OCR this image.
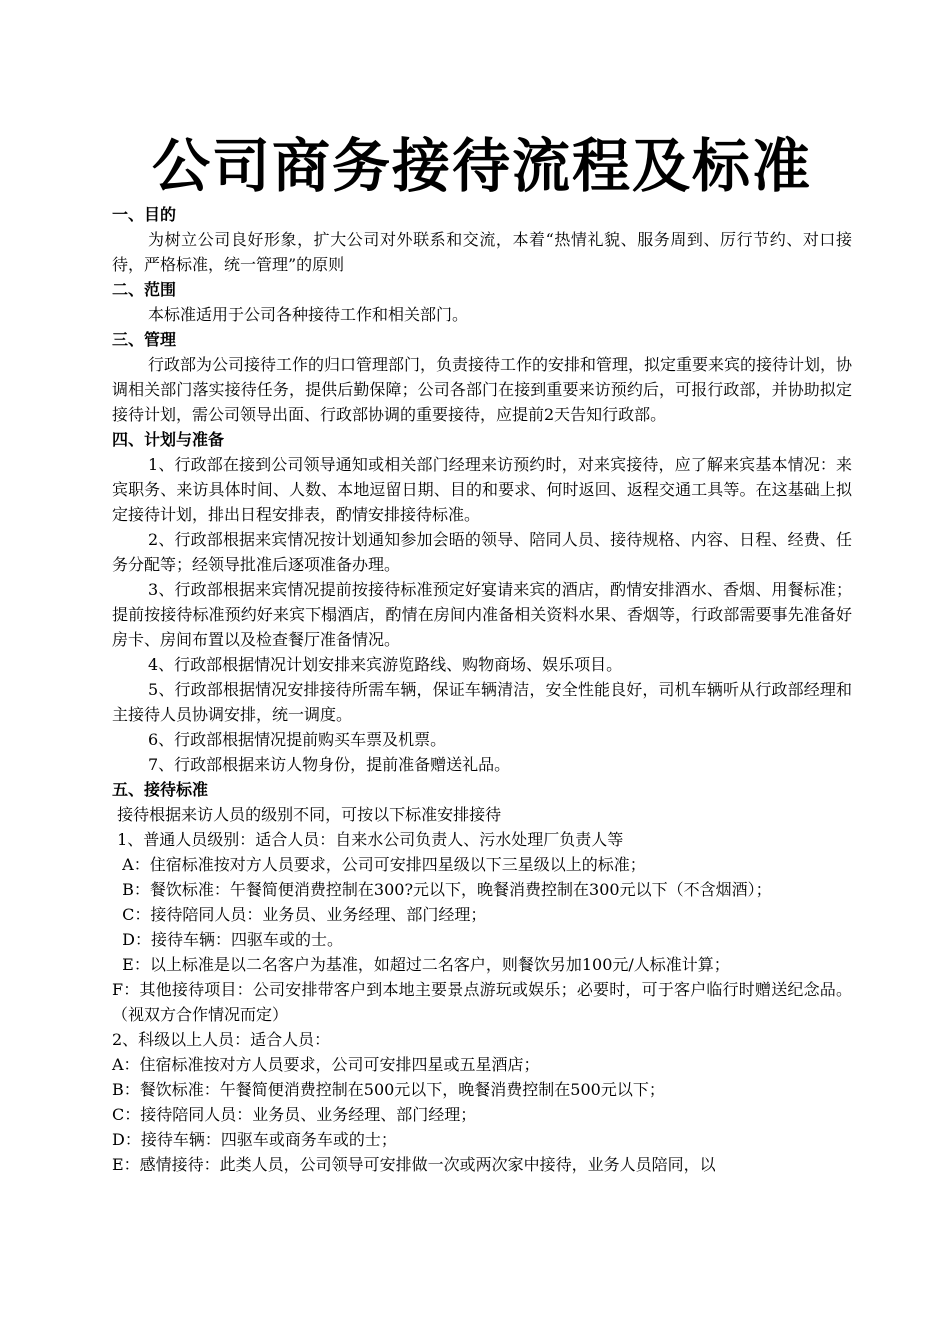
公司商务接待流程及标准

一、目的

为树立公司良好形象，扩大公司对外联系和交流，本着“热情礼貌、服务周到、厉行节约、对口接待，严格标准，统一管理”的原则

二、范围

本标准适用于公司各种接待工作和相关部门。

三、管理

行政部为公司接待工作的归口管理部门，负责接待工作的安排和管理，拟定重要来宾的接待计划，协调相关部门落实接待任务，提供后勤保障；公司各部门在接到重要来访预约后，可报行政部，并协助拟定接待计划，需公司领导出面、行政部协调的重要接待，应提前2天告知行政部。

四、计划与准备

1、行政部在接到公司领导通知或相关部门经理来访预约时，对来宾接待，应了解来宾基本情况：来宾职务、来访具体时间、人数、本地逗留日期、目的和要求、何时返回、返程交通工具等。在这基础上拟定接待计划，排出日程安排表，酌情安排接待标准。

2、行政部根据来宾情况按计划通知参加会晤的领导、陪同人员、接待规格、内容、日程、经费、任务分配等；经领导批准后逐项准备办理。

3、行政部根据来宾情况提前按接待标准预定好宴请来宾的酒店，酌情安排酒水、香烟、用餐标准；提前按接待标准预约好来宾下榻酒店，酌情在房间内准备相关资料水果、香烟等，行政部需要事先准备好房卡、房间布置以及检查餐厅准备情况。

4、行政部根据情况计划安排来宾游览路线、购物商场、娱乐项目。

5、行政部根据情况安排接待所需车辆，保证车辆清洁，安全性能良好，司机车辆听从行政部经理和主接待人员协调安排，统一调度。

6、行政部根据情况提前购买车票及机票。

7、行政部根据来访人物身份，提前准备赠送礼品。

五、接待标准

接待根据来访人员的级别不同，可按以下标准安排接待

1、普通人员级别：适合人员：自来水公司负责人、污水处理厂负责人等

A：住宿标准按对方人员要求，公司可安排四星级以下三星级以上的标准；

B：餐饮标准：午餐简便消费控制在300?元以下，晚餐消费控制在300元以下（不含烟酒）；

C：接待陪同人员：业务员、业务经理、部门经理；

D：接待车辆：四驱车或的士。

E：以上标准是以二名客户为基准，如超过二名客户，则餐饮另加100元/人标准计算；

F：其他接待项目：公司安排带客户到本地主要景点游玩或娱乐；必要时，可于客户临行时赠送纪念品。（视双方合作情况而定）

2、科级以上人员：适合人员：

A：住宿标准按对方人员要求，公司可安排四星或五星酒店；

B：餐饮标准：午餐简便消费控制在500元以下，晚餐消费控制在500元以下；

C：接待陪同人员：业务员、业务经理、部门经理；

D：接待车辆：四驱车或商务车或的士；

E：感情接待：此类人员，公司领导可安排做一次或两次家中接待，业务人员陪同，以
